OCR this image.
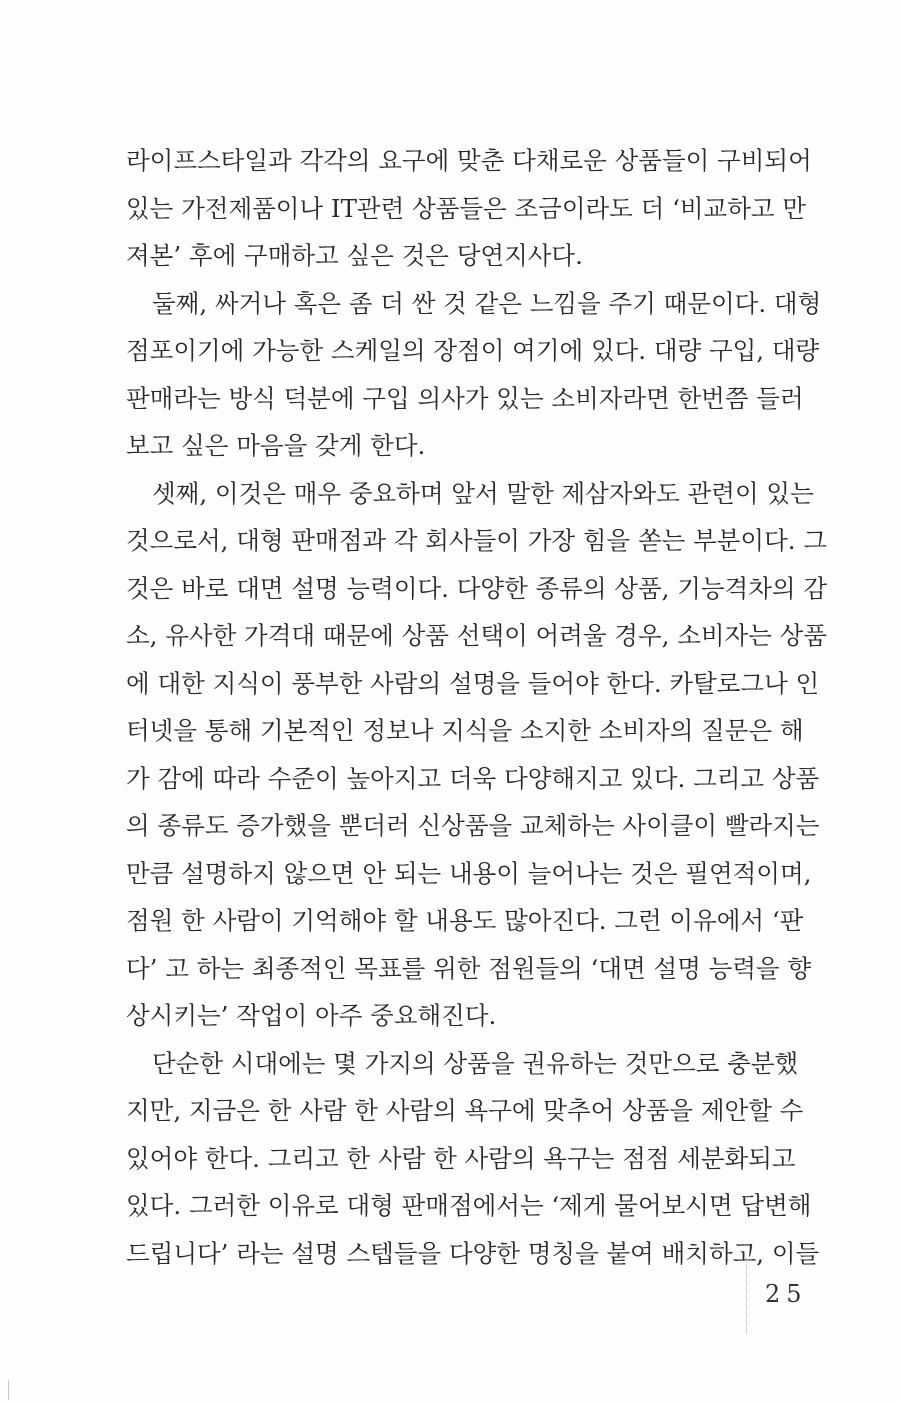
라이프스타일과 각각의 요구에 맞춘 다채로운 상품들이 구비되어
있는 가전제품이나 IT관련 상품들은 조금이라도 더 ‘비교하고 만
져본’ 후에 구매하고 싶은 것은 당연지사다.
둘째, 싸거나 혹은 좀 더 싼 것 같은 느낌을 주기 때문이다. 대형
점포이기에 가능한 스케일의 장점이 여기에 있다. 대량 구입, 대량
판매라는 방식 덕분에 구입 의사가 있는 소비자라면 한번쯤 들러
보고 싶은 마음을 갖게 한다.
셋째, 이것은 매우 중요하며 앞서 말한 제삼자와도 관련이 있는
것으로서, 대형 판매점과 각 회사들이 가장 힘을 쏟는 부분이다. 그
것은 바로 대면 설명 능력이다. 다양한 종류의 상품, 기능격차의 감
소, 유사한 가격대 때문에 상품 선택이 어려울 경우, 소비자는 상품
에 대한 지식이 풍부한 사람의 설명을 들어야 한다. 카탈로그나 인
터넷을 통해 기본적인 정보나 지식을 소지한 소비자의 질문은 해
가 감에 따라 수준이 높아지고 더욱 다양해지고 있다. 그리고 상품
의 종류도 증가했을 뿐더러 신상품을 교체하는 사이클이 빨라지는
만큼 설명하지 않으면 안 되는 내용이 늘어나는 것은 필연적이며,
점원 한 사람이 기억해야 할 내용도 많아진다. 그런 이유에서 ‘판
다’ 고 하는 최종적인 목표를 위한 점원들의 ‘대면 설명 능력을 향
상시키는’ 작업이 아주 중요해진다.
단순한 시대에는 몇 가지의 상품을 권유하는 것만으로 충분했
지만, 지금은 한 사람 한 사람의 욕구에 맞추어 상품을 제안할 수
있어야 한다. 그리고 한 사람 한 사람의 욕구는 점점 세분화되고
있다. 그러한 이유로 대형 판매점에서는 ‘제게 물어보시면 답변해
드립니다’ 라는 설명 스텝들을 다양한 명칭을 붙여 배치하고, 이들
25
